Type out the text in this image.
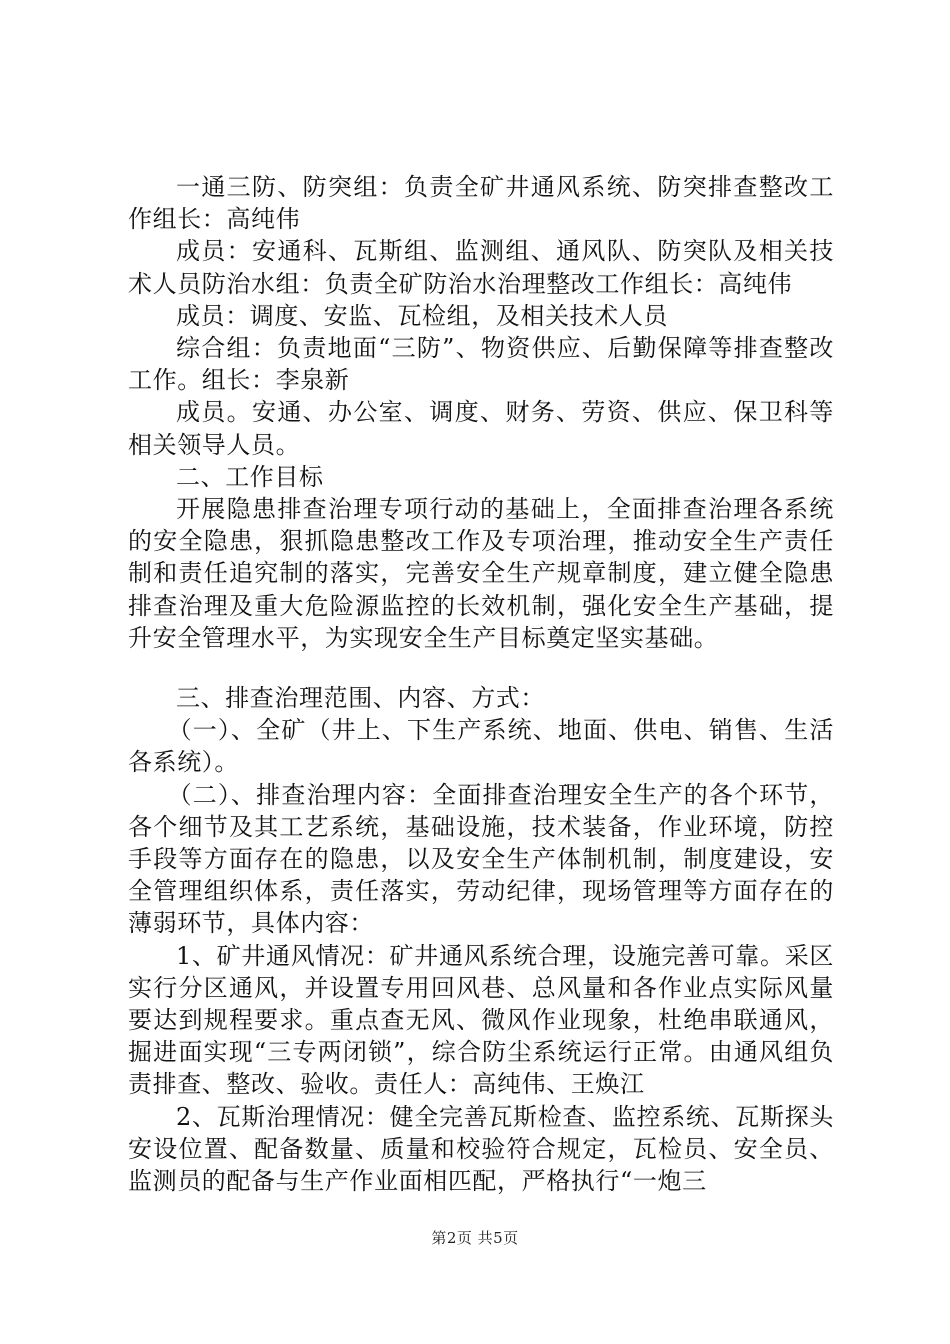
一通三防、防突组：负责全矿井通风系统、防突排查整改工作组长：高纯伟

成员：安通科、瓦斯组、监测组、通风队、防突队及相关技术人员防治水组：负责全矿防治水治理整改工作组长：高纯伟

成员：调度、安监、瓦检组，及相关技术人员

综合组：负责地面“三防”、物资供应、后勤保障等排查整改工作。组长：李泉新

成员。安通、办公室、调度、财务、劳资、供应、保卫科等相关领导人员。

二、工作目标

开展隐患排查治理专项行动的基础上，全面排查治理各系统的安全隐患，狠抓隐患整改工作及专项治理，推动安全生产责任制和责任追究制的落实，完善安全生产规章制度，建立健全隐患排查治理及重大危险源监控的长效机制，强化安全生产基础，提升安全管理水平，为实现安全生产目标奠定坚实基础。

三、排查治理范围、内容、方式：

（一）、全矿（井上、下生产系统、地面、供电、销售、生活各系统）。

（二）、排查治理内容：全面排查治理安全生产的各个环节，各个细节及其工艺系统，基础设施，技术装备，作业环境，防控手段等方面存在的隐患，以及安全生产体制机制，制度建设，安全管理组织体系，责任落实，劳动纪律，现场管理等方面存在的薄弱环节，具体内容：

1、矿井通风情况：矿井通风系统合理，设施完善可靠。采区实行分区通风，并设置专用回风巷、总风量和各作业点实际风量要达到规程要求。重点查无风、微风作业现象，杜绝串联通风，掘进面实现“三专两闭锁”，综合防尘系统运行正常。由通风组负责排查、整改、验收。责任人：高纯伟、王焕江

2、瓦斯治理情况：健全完善瓦斯检查、监控系统、瓦斯探头安设位置、配备数量、质量和校验符合规定，瓦检员、安全员、监测员的配备与生产作业面相匹配，严格执行“一炮三

第2页 共5页
